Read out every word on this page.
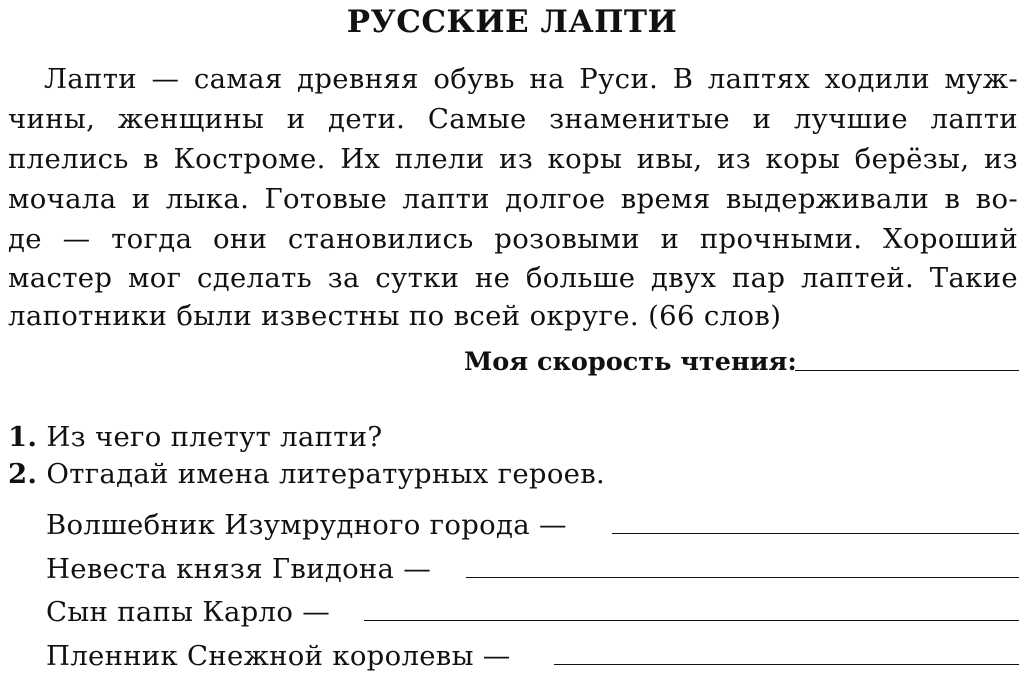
РУССКИЕ ЛАПТИ
Лапти — самая древняя обувь на Руси. В лаптях ходили муж-
чины, женщины и дети. Самые знаменитые и лучшие лапти
плелись в Костроме. Их плели из коры ивы, из коры берёзы, из
мочала и лыка. Готовые лапти долгое время выдерживали в во-
де — тогда они становились розовыми и прочными. Хороший
мастер мог сделать за сутки не больше двух пар лаптей. Такие
лапотники были известны по всей округе. (66 слов)
Моя скорость чтения:
1. Из чего плетут лапти?
2. Отгадай имена литературных героев.
Волшебник Изумрудного города —
Невеста князя Гвидона —
Сын папы Карло —
Пленник Снежной королевы —
